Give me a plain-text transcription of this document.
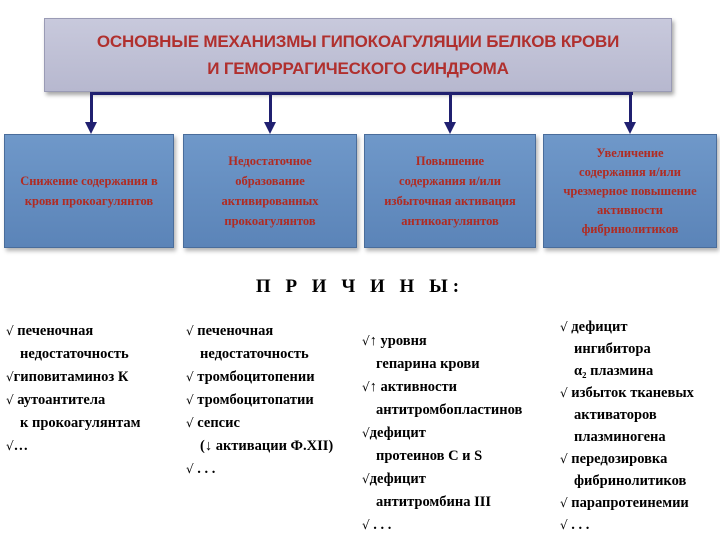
ОСНОВНЫЕ МЕХАНИЗМЫ ГИПОКОАГУЛЯЦИИ БЕЛКОВ КРОВИ
И ГЕМОРРАГИЧЕСКОГО СИНДРОМА
Снижение содержания в
крови прокоагулянтов
Недостаточное
образование
активированных
прокоагулянтов
Повышение
содержания и/или
избыточная активация
антикоагулянтов
Увеличение
содержания и/или
чрезмерное повышение
активности
фибринолитиков
П Р И Ч И Н Ы:
√ печеночная
недостаточность
√гиповитаминоз К
√ аутоантитела
к прокоагулянтам
√…
√ печеночная
недостаточность
√ тромбоцитопении
√ тромбоцитопатии
√ сепсис
(↓ активации Ф.ХII)
√ . . .
√↑ уровня
гепарина крови
√↑ активности
антитромбопластинов
√дефицит
протеинов С и S
√дефицит
антитромбина III
√ . . .
√ дефицит
ингибитора
α₂ плазмина
√ избыток тканевых
активаторов
плазминогена
√ передозировка
фибринолитиков
√ парапротеинемии
√ . . .
